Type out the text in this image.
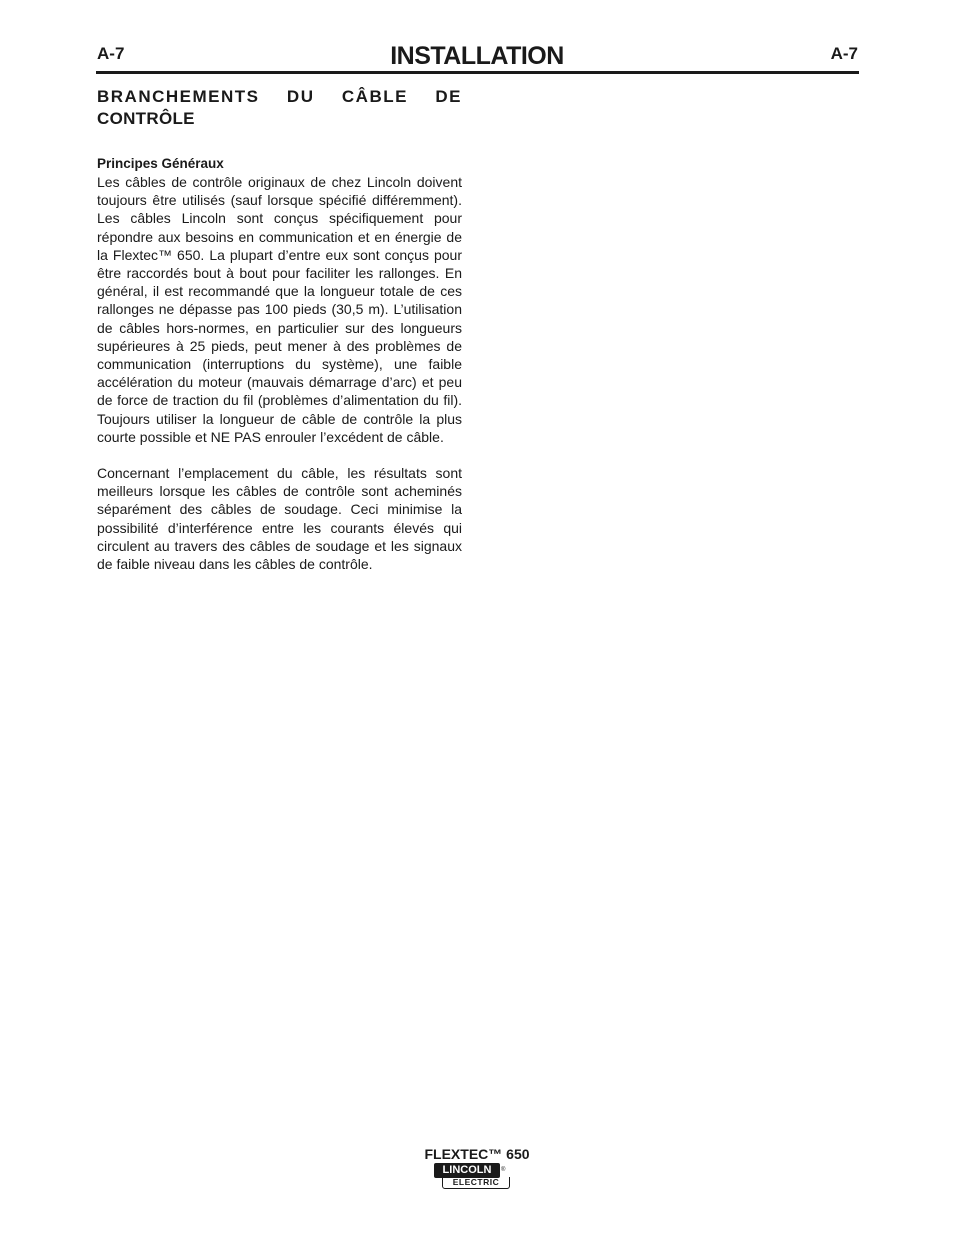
A-7	INSTALLATION	A-7
BRANCHEMENTS DU CÂBLE DE
CONTRÔLE
Principes Généraux

Les câbles de contrôle originaux de chez Lincoln doivent toujours être utilisés (sauf lorsque spécifié différemment). Les câbles Lincoln sont conçus spécifiquement pour répondre aux besoins en communication et en énergie de la Flextec™ 650. La plupart d’entre eux sont conçus pour être raccordés bout à bout pour faciliter les rallonges. En général, il est recommandé que la longueur totale de ces rallonges ne dépasse pas 100 pieds (30,5 m). L’utilisation de câbles hors-normes, en particulier sur des longueurs supérieures à 25 pieds, peut mener à des problèmes de communication (interruptions du système), une faible accélération du moteur (mauvais démarrage d’arc) et peu de force de traction du fil (problèmes d’alimentation du fil). Toujours utiliser la longueur de câble de contrôle la plus courte possible et NE PAS enrouler l’excédent de câble.

Concernant l’emplacement du câble, les résultats sont meilleurs lorsque les câbles de contrôle sont acheminés séparément des câbles de soudage. Ceci minimise la possibilité d’interférence entre les courants élevés qui circulent au travers des câbles de soudage et les signaux de faible niveau dans les câbles de contrôle.

FLEXTEC™ 650
LINCOLN	®
ELECTRIC
